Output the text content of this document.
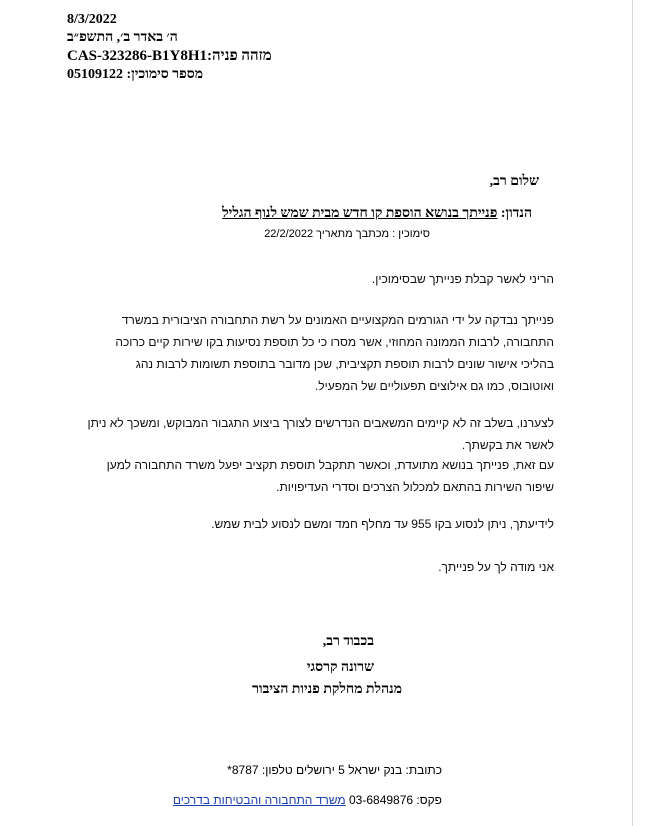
8/3/2022
ה׳ באדר ב׳, התשפ״ב
CAS-323286-B1Y8H1מזהה פניה:
05109122 מספר סימוכין:
שלום רב,
הנדון: פנייתך בנושא הוספת קו חדש מבית שמש לנוף הגליל
סימוכין : מכתבך מתאריך 22/2/2022
הריני לאשר קבלת פנייתך שבסימוכין.
פנייתך נבדקה על ידי הגורמים המקצועיים האמונים על רשת התחבורה הציבורית במשרד
התחבורה, לרבות הממונה המחוזי, אשר מסרו כי כל תוספת נסיעות בקו שירות קיים כרוכה
בהליכי אישור שונים לרבות תוספת תקציבית, שכן מדובר בתוספת תשומות לרבות נהג
ואוטובוס, כמו גם אילוצים תפעוליים של המפעיל.
לצערנו, בשלב זה לא קיימים המשאבים הנדרשים לצורך ביצוע התגבור המבוקש, ומשכך לא ניתן
לאשר את בקשתך.
עם זאת, פנייתך בנושא מתועדת, וכאשר תתקבל תוספת תקציב יפעל משרד התחבורה למען
שיפור השירות בהתאם למכלול הצרכים וסדרי העדיפויות.
לידיעתך, ניתן לנסוע בקו 955 עד מחלף חמד ומשם לנסוע לבית שמש.
אני מודה לך על פנייתך.
בכבוד רב,
שרונה קרסגי
מנהלת מחלקת פניות הציבור
כתובת: בנק ישראל 5 ירושלים טלפון: 8787*
פקס: 03-6849876 משרד התחבורה והבטיחות בדרכים
